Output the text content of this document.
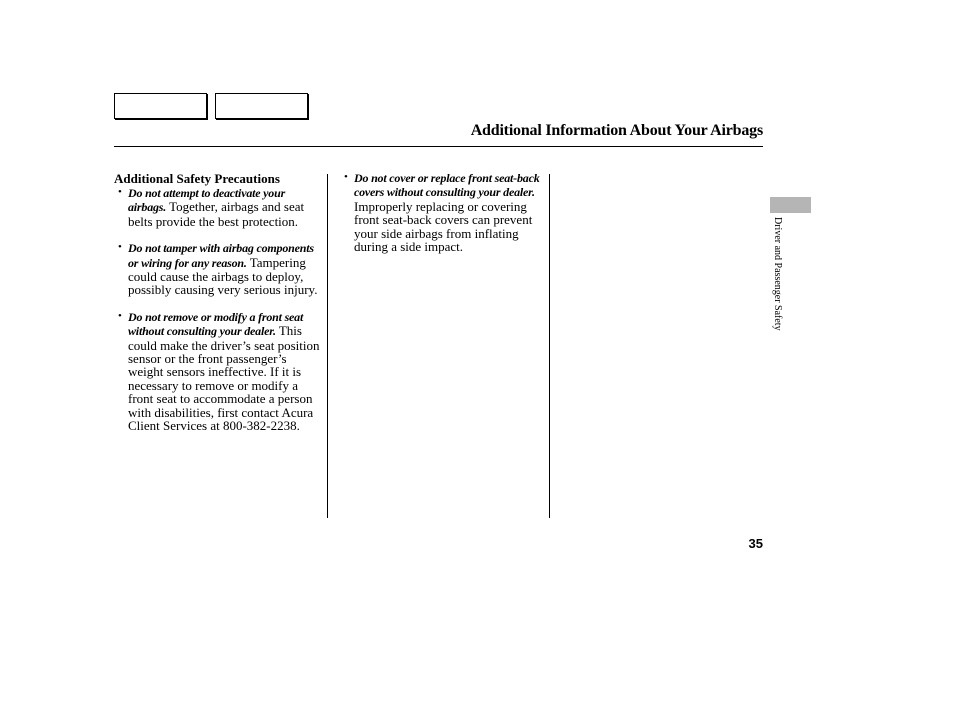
Additional Information About Your Airbags
Additional Safety Precautions
• Do not attempt to deactivate your airbags. Together, airbags and seat belts provide the best protection.
• Do not tamper with airbag components or wiring for any reason. Tampering could cause the airbags to deploy, possibly causing very serious injury.
• Do not remove or modify a front seat without consulting your dealer. This could make the driver’s seat position sensor or the front passenger’s weight sensors ineffective. If it is necessary to remove or modify a front seat to accommodate a person with disabilities, first contact Acura Client Services at 800-382-2238.
• Do not cover or replace front seat-back covers without consulting your dealer. Improperly replacing or covering front seat-back covers can prevent your side airbags from inflating during a side impact.	Driver and Passenger Safety
35
